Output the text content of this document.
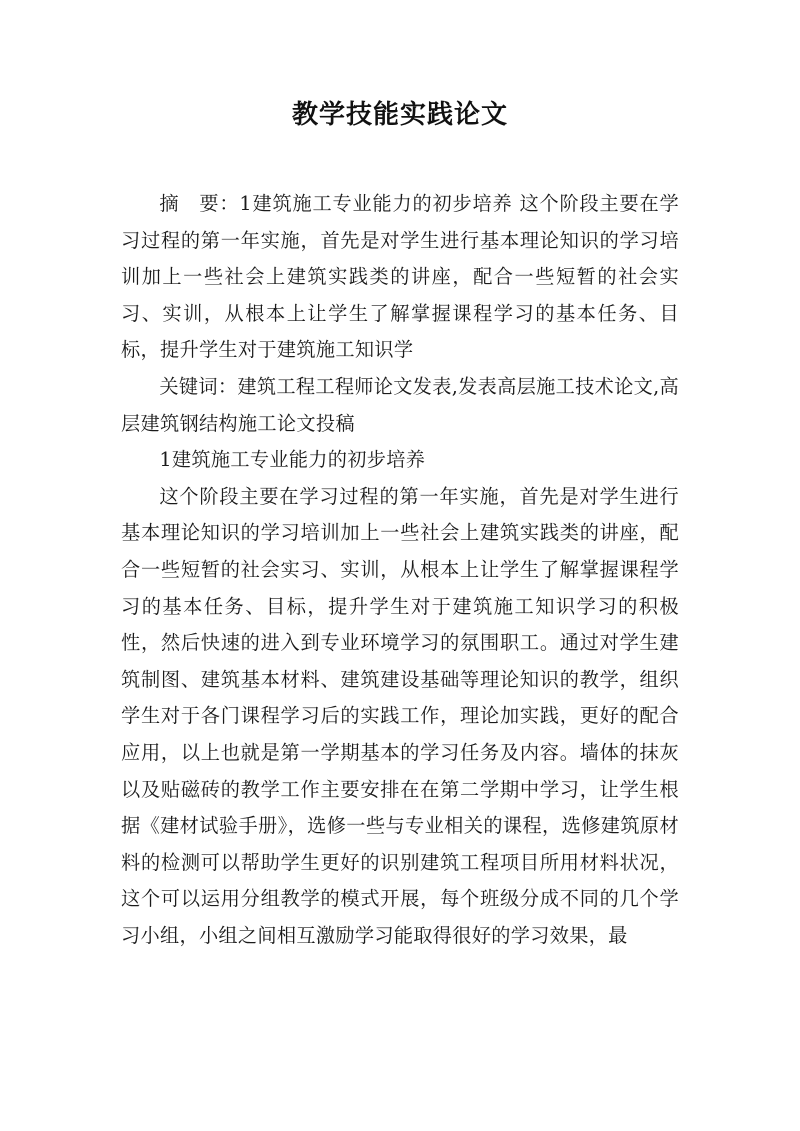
教学技能实践论文

摘　要：1建筑施工专业能力的初步培养 这个阶段主要在学习过程的第一年实施，首先是对学生进行基本理论知识的学习培训加上一些社会上建筑实践类的讲座，配合一些短暂的社会实习、实训，从根本上让学生了解掌握课程学习的基本任务、目标，提升学生对于建筑施工知识学

关键词：建筑工程工程师论文发表,发表高层施工技术论文,高层建筑钢结构施工论文投稿

1建筑施工专业能力的初步培养

这个阶段主要在学习过程的第一年实施，首先是对学生进行基本理论知识的学习培训加上一些社会上建筑实践类的讲座，配合一些短暂的社会实习、实训，从根本上让学生了解掌握课程学习的基本任务、目标，提升学生对于建筑施工知识学习的积极性，然后快速的进入到专业环境学习的氛围职工。通过对学生建筑制图、建筑基本材料、建筑建设基础等理论知识的教学，组织学生对于各门课程学习后的实践工作，理论加实践，更好的配合应用，以上也就是第一学期基本的学习任务及内容。墙体的抹灰以及贴磁砖的教学工作主要安排在在第二学期中学习，让学生根据《建材试验手册》，选修一些与专业相关的课程，选修建筑原材料的检测可以帮助学生更好的识别建筑工程项目所用材料状况，这个可以运用分组教学的模式开展，每个班级分成不同的几个学习小组，小组之间相互激励学习能取得很好的学习效果，最
